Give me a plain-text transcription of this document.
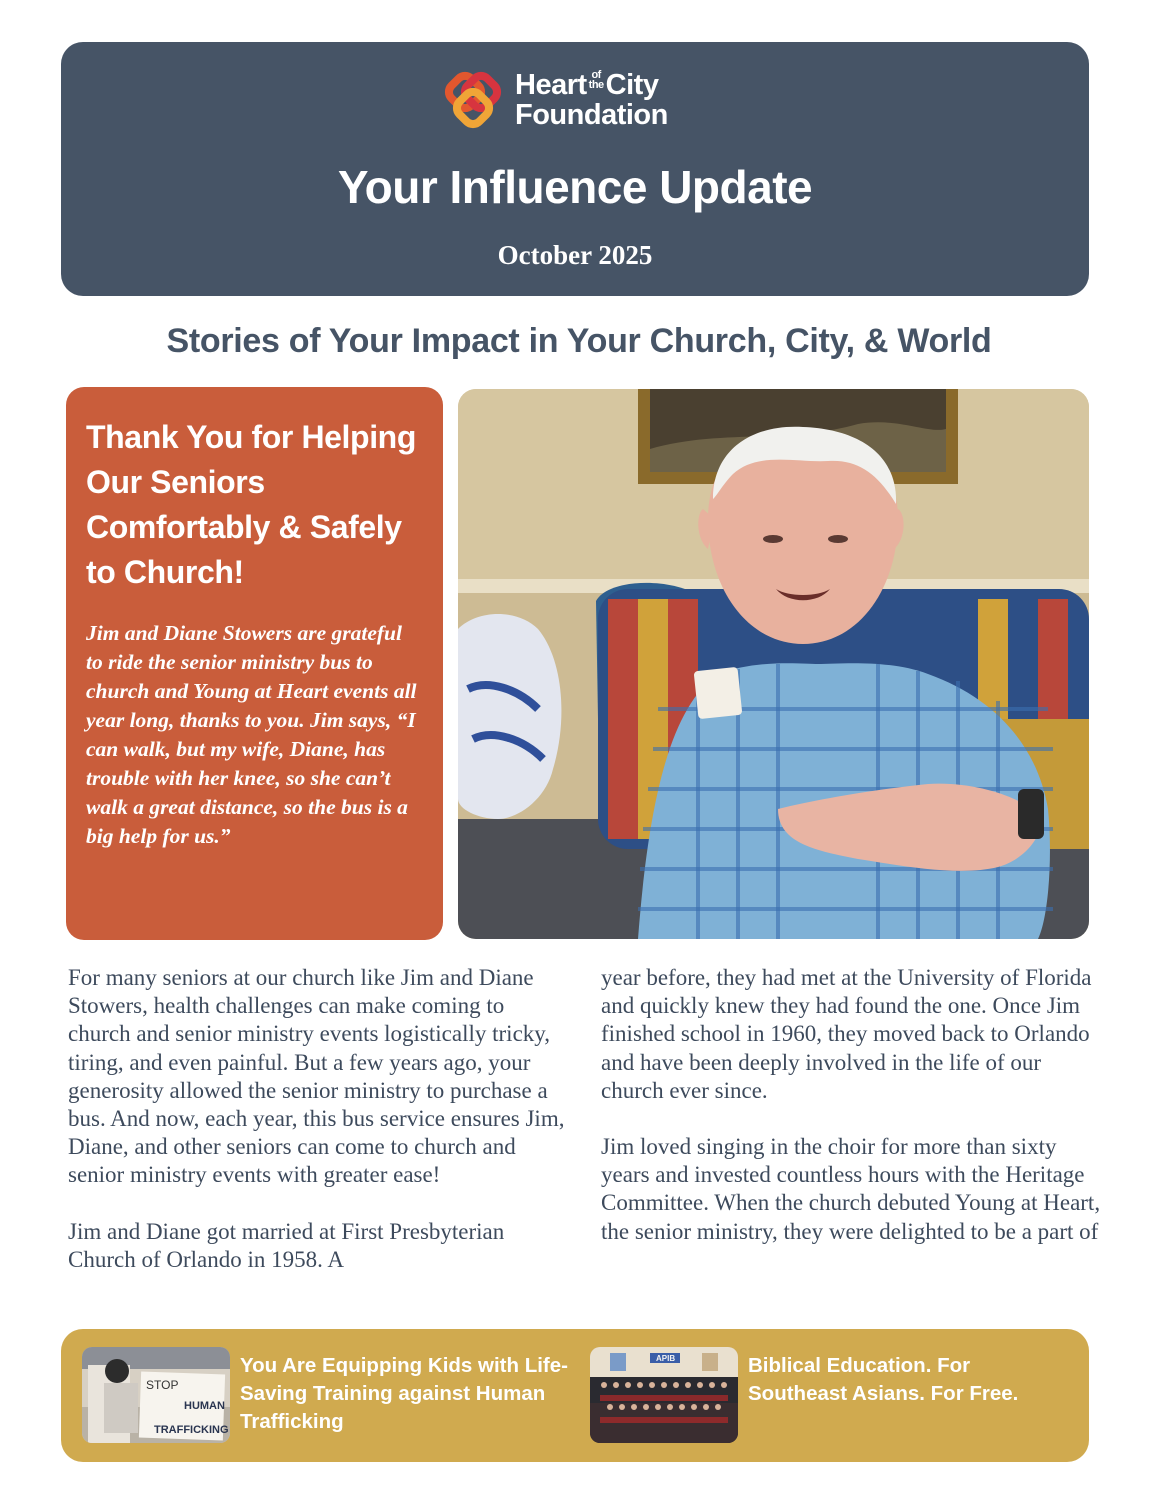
Heart of
theCity
Foundation
Your Influence Update
October 2025
Stories of Your Impact in Your Church, City, & World
Thank You for Helping Our Seniors Comfortably & Safely to Church!

Jim and Diane Stowers are grateful to ride the senior ministry bus to church and Young at Heart events all year long, thanks to you. Jim says, “I can walk, but my wife, Diane, has trouble with her knee, so she can’t walk a great distance, so the bus is a big help for us.”

For many seniors at our church like Jim and Diane Stowers, health challenges can make coming to church and senior ministry events logistically tricky, tiring, and even painful. But a few years ago, your generosity allowed the senior ministry to purchase a bus. And now, each year, this bus service ensures Jim, Diane, and other seniors can come to church and senior ministry events with greater ease!

Jim and Diane got married at First Presbyterian Church of Orlando in 1958. A

year before, they had met at the University of Florida and quickly knew they had found the one. Once Jim finished school in 1960, they moved back to Orlando and have been deeply involved in the life of our church ever since.

Jim loved singing in the choir for more than sixty years and invested countless hours with the Heritage Committee. When the church debuted Young at Heart, the senior ministry, they were delighted to be a part of

STOP
HUMAN
TRAFFICKING
You Are Equipping Kids with Life-Saving Training against Human Trafficking
APIB	Biblical Education. For Southeast Asians. For Free.
